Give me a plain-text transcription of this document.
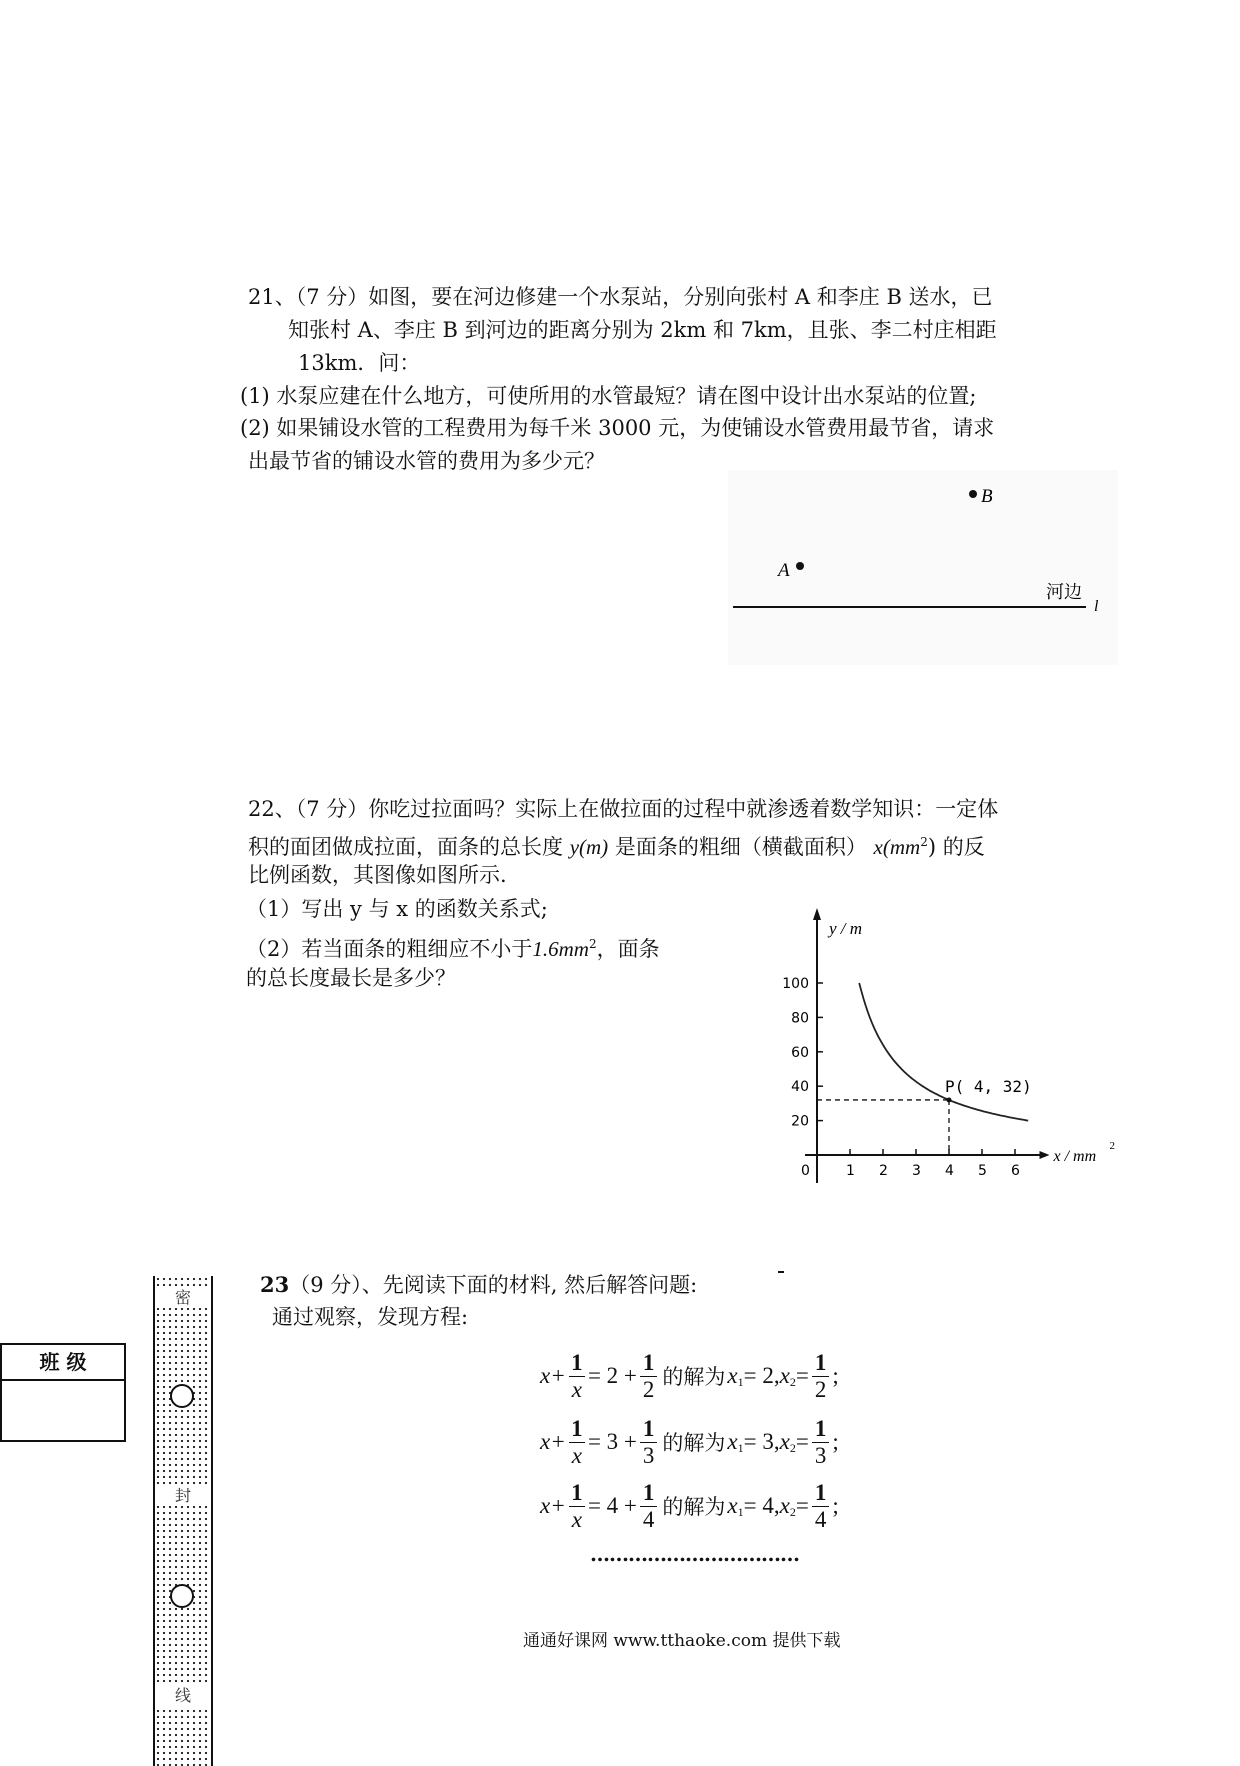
21、（7 分）如图，要在河边修建一个水泵站，分别向张村 A 和李庄 B 送水，已
知张村 A、李庄 B 到河边的距离分别为 2km 和 7km，且张、李二村庄相距
13km．问：
(1) 水泵应建在什么地方，可使所用的水管最短？请在图中设计出水泵站的位置;
(2) 如果铺设水管的工程费用为每千米 3000 元，为使铺设水管费用最节省，请求
出最节省的铺设水管的费用为多少元？
B
A
河边
l
22、（7 分）你吃过拉面吗？实际上在做拉面的过程中就渗透着数学知识：一定体
积的面团做成拉面，面条的总长度 y(m) 是面条的粗细（横截面积） $x(mm^2)$ 的反
比例函数，其图像如图所示.
（1）写出 y 与 x 的函数关系式;
（2）若当面条的粗细应不小于$1.6mm^2$，面条
的总长度最长是多少？
1 2 3 4 5 6
20
40
60
80
100
0
y / m
x / mm
2
P( 4, 32)
23（9 分）、先阅读下面的材料, 然后解答问题:
通过观察，发现方程:
$x+ \frac{1}{x} = 2 + \frac{1}{2}$ 的解为 x 1 = 2, x $2 = \frac{1}{2}$ ;
$x+ \frac{1}{x} = 3 + \frac{1}{3}$ 的解为 x 1 = 3, x $2 = \frac{1}{3}$ ;
$x+ \frac{1}{x} = 4 + \frac{1}{4}$ 的解为 x 1 = 4, x $2 = \frac{1}{4}$ ;
……………………………
密
封
线
班 级
通通好课网 www.tthaoke.com 提供下载
